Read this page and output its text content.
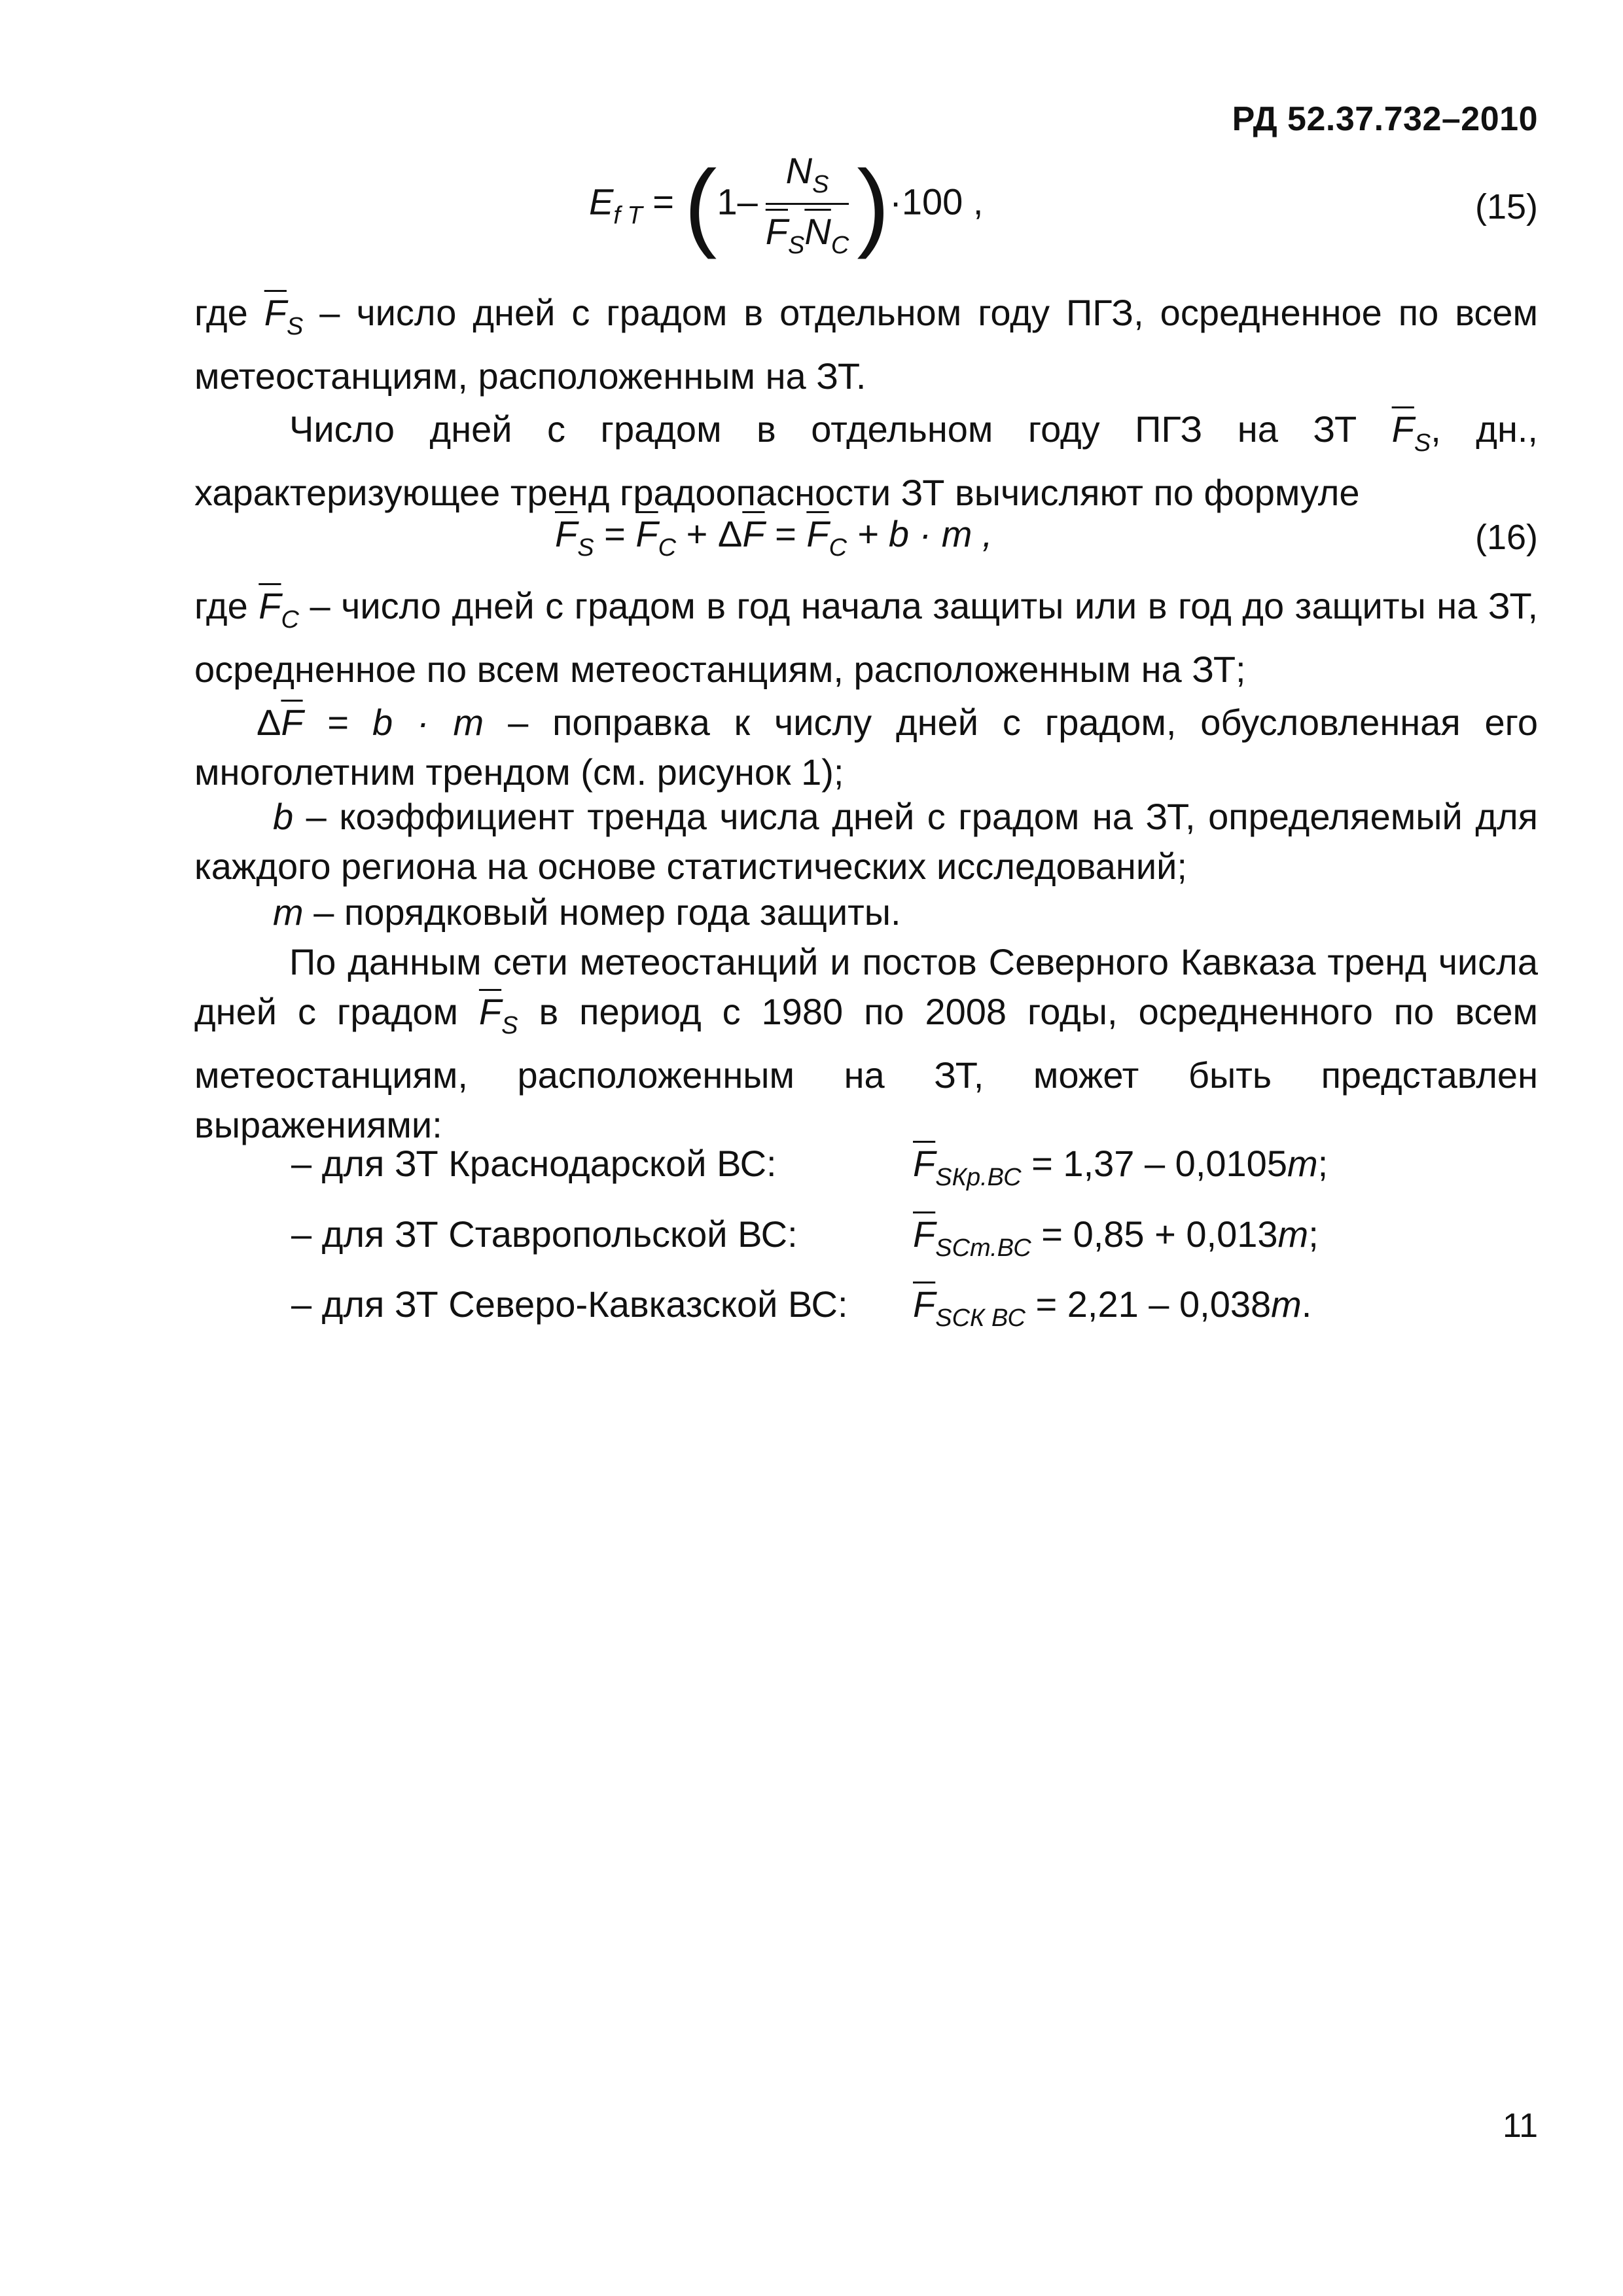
РД 52.37.732–2010
$E_{f T} = (1- \frac{N_S}{\overline{F}_S\overline{N}_C} )\cdot 100$ ,	(15)
где $\overline{F}_S$ – число дней с градом в отдельном году ПГЗ, осредненное по всем метеостанциям, расположенным на ЗТ.
Число дней с градом в отдельном году ПГЗ на ЗТ $\overline{F}_S$, дн., характеризующее тренд градоопасности ЗТ вычисляют по формуле
$\overline{F}_S = \overline{F}_C + \Delta\overline{F} = \overline{F}_C + b \cdot m$ ,	(16)
где $\overline{F}_C$ – число дней с градом в год начала защиты или в год до защиты на ЗТ, осредненное по всем метеостанциям, расположенным на ЗТ;
$\Delta\overline{F} = b \cdot m$ – поправка к числу дней с градом, обусловленная его многолетним трендом (см. рисунок 1);
b – коэффициент тренда числа дней с градом на ЗТ, определяемый для каждого региона на основе статистических исследований;
m – порядковый номер года защиты.
По данным сети метеостанций и постов Северного Кавказа тренд числа дней с градом $\overline{F}_S$ в период с 1980 по 2008 годы, осредненного по всем метеостанциям, расположенным на ЗТ, может быть представлен выражениями:
– для ЗТ Краснодарской ВС:	$\overline{F}_{SКр.ВС} = 1,37 - 0,0105m$;
– для ЗТ Ставропольской ВС:	$\overline{F}_{SСт.ВС} = 0,85 + 0,013m$;
– для ЗТ Северо-Кавказской ВС: $\overline{F}_{SСК ВС} = 2,21 - 0,038m$.
11
